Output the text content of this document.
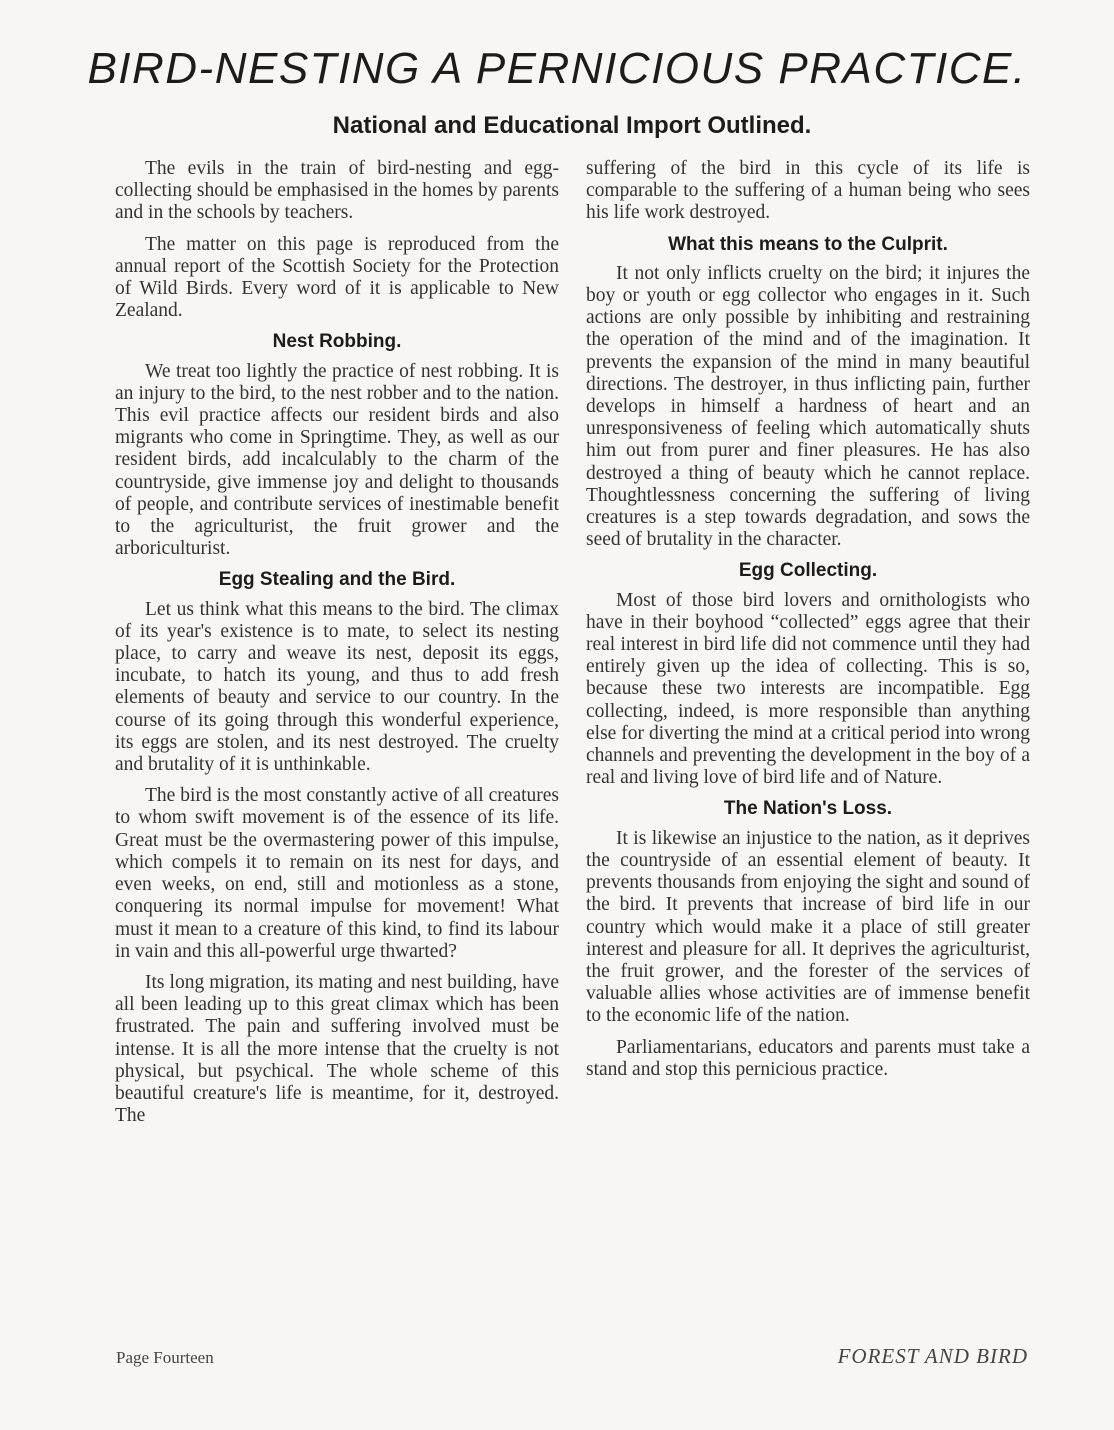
BIRD-NESTING A PERNICIOUS PRACTICE.
National and Educational Import Outlined.

The evils in the train of bird-nesting and egg-collecting should be emphasised in the homes by parents and in the schools by teachers.

The matter on this page is reproduced from the annual report of the Scottish Society for the Protection of Wild Birds. Every word of it is applicable to New Zealand.

Nest Robbing.

We treat too lightly the practice of nest robbing. It is an injury to the bird, to the nest robber and to the nation. This evil practice affects our resident birds and also migrants who come in Springtime. They, as well as our resident birds, add incalculably to the charm of the countryside, give immense joy and delight to thousands of people, and contribute services of inestimable benefit to the agriculturist, the fruit grower and the arboriculturist.

Egg Stealing and the Bird.

Let us think what this means to the bird. The climax of its year's existence is to mate, to select its nesting place, to carry and weave its nest, deposit its eggs, incubate, to hatch its young, and thus to add fresh elements of beauty and service to our country. In the course of its going through this wonderful experience, its eggs are stolen, and its nest destroyed. The cruelty and brutality of it is unthinkable.

The bird is the most constantly active of all creatures to whom swift movement is of the essence of its life. Great must be the overmastering power of this impulse, which compels it to remain on its nest for days, and even weeks, on end, still and motionless as a stone, conquering its normal impulse for movement! What must it mean to a creature of this kind, to find its labour in vain and this all-powerful urge thwarted?

Its long migration, its mating and nest building, have all been leading up to this great climax which has been frustrated. The pain and suffering involved must be intense. It is all the more intense that the cruelty is not physical, but psychical. The whole scheme of this beautiful creature's life is meantime, for it, destroyed. The

suffering of the bird in this cycle of its life is comparable to the suffering of a human being who sees his life work destroyed.

What this means to the Culprit.

It not only inflicts cruelty on the bird; it injures the boy or youth or egg collector who engages in it. Such actions are only possible by inhibiting and restraining the operation of the mind and of the imagination. It prevents the expansion of the mind in many beautiful directions. The destroyer, in thus inflicting pain, further develops in himself a hardness of heart and an unresponsiveness of feeling which automatically shuts him out from purer and finer pleasures. He has also destroyed a thing of beauty which he cannot replace. Thoughtlessness concerning the suffering of living creatures is a step towards degradation, and sows the seed of brutality in the character.

Egg Collecting.

Most of those bird lovers and ornithologists who have in their boyhood “collected” eggs agree that their real interest in bird life did not commence until they had entirely given up the idea of collecting. This is so, because these two interests are incompatible. Egg collecting, indeed, is more responsible than anything else for diverting the mind at a critical period into wrong channels and preventing the development in the boy of a real and living love of bird life and of Nature.

The Nation's Loss.

It is likewise an injustice to the nation, as it deprives the countryside of an essential element of beauty. It prevents thousands from enjoying the sight and sound of the bird. It prevents that increase of bird life in our country which would make it a place of still greater interest and pleasure for all. It deprives the agriculturist, the fruit grower, and the forester of the services of valuable allies whose activities are of immense benefit to the economic life of the nation.

Parliamentarians, educators and parents must take a stand and stop this pernicious practice.

Page Fourteen	FOREST AND BIRD
